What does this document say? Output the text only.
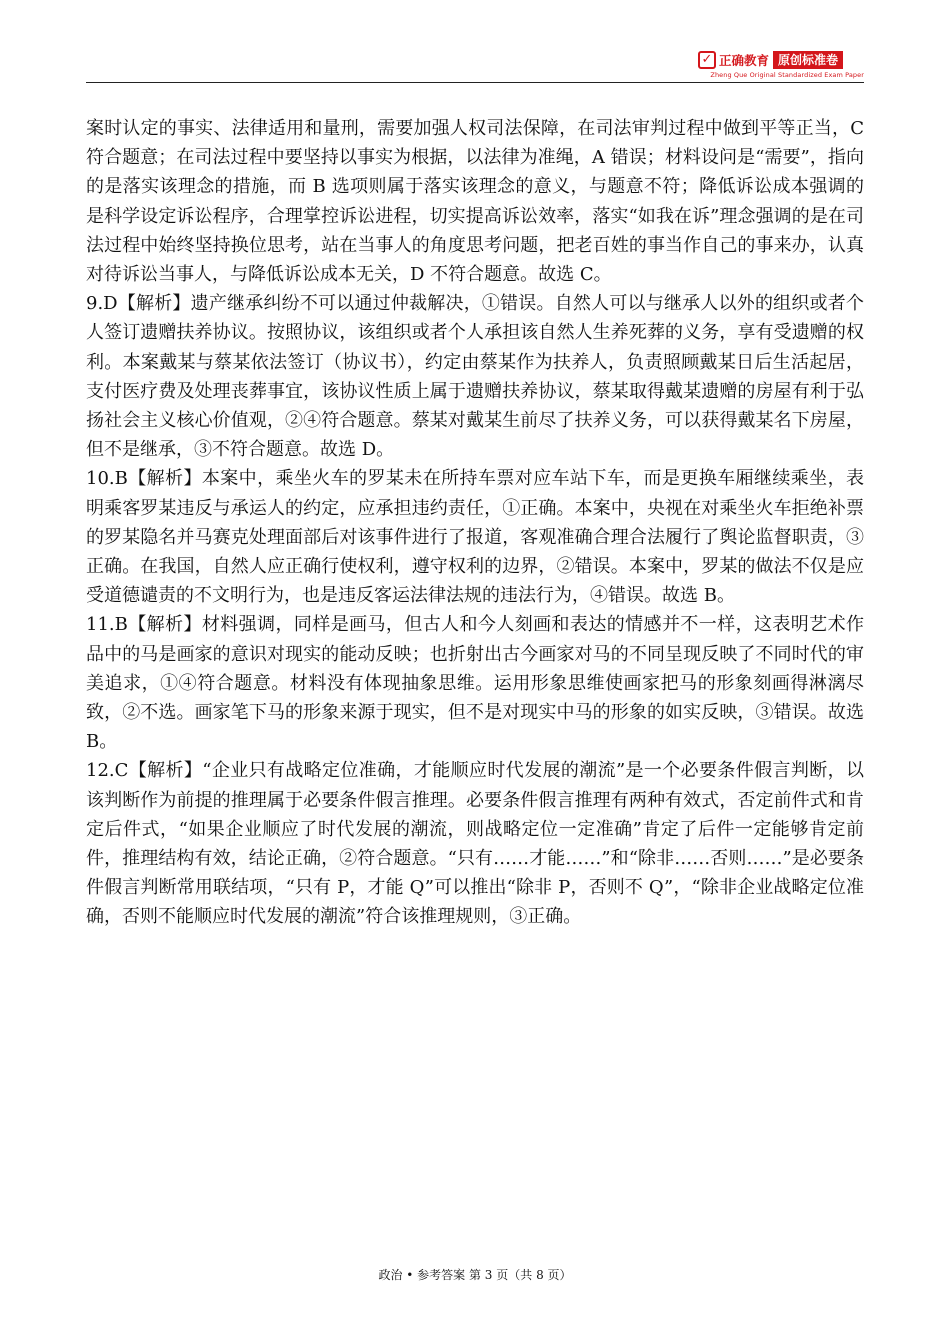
✓ 正确教育 原创标准卷
Zheng Que Original Standardized Exam Paper

案时认定的事实、法律适用和量刑，需要加强人权司法保障，在司法审判过程中做到平等正当，C 符合题意；在司法过程中要坚持以事实为根据，以法律为准绳，A 错误；材料设问是“需要”，指向的是落实该理念的措施，而 B 选项则属于落实该理念的意义，与题意不符；降低诉讼成本强调的是科学设定诉讼程序，合理掌控诉讼进程，切实提高诉讼效率，落实“如我在诉”理念强调的是在司法过程中始终坚持换位思考，站在当事人的角度思考问题，把老百姓的事当作自己的事来办，认真对待诉讼当事人，与降低诉讼成本无关，D 不符合题意。故选 C。

9.D【解析】遗产继承纠纷不可以通过仲裁解决，①错误。自然人可以与继承人以外的组织或者个人签订遗赠扶养协议。按照协议，该组织或者个人承担该自然人生养死葬的义务，享有受遗赠的权利。本案戴某与蔡某依法签订（协议书），约定由蔡某作为扶养人，负责照顾戴某日后生活起居，支付医疗费及处理丧葬事宜，该协议性质上属于遗赠扶养协议，蔡某取得戴某遗赠的房屋有利于弘扬社会主义核心价值观，②④符合题意。蔡某对戴某生前尽了扶养义务，可以获得戴某名下房屋，但不是继承，③不符合题意。故选 D。

10.B【解析】本案中，乘坐火车的罗某未在所持车票对应车站下车，而是更换车厢继续乘坐，表明乘客罗某违反与承运人的约定，应承担违约责任，①正确。本案中，央视在对乘坐火车拒绝补票的罗某隐名并马赛克处理面部后对该事件进行了报道，客观准确合理合法履行了舆论监督职责，③正确。在我国，自然人应正确行使权利，遵守权利的边界，②错误。本案中，罗某的做法不仅是应受道德谴责的不文明行为，也是违反客运法律法规的违法行为，④错误。故选 B。

11.B【解析】材料强调，同样是画马，但古人和今人刻画和表达的情感并不一样，这表明艺术作品中的马是画家的意识对现实的能动反映；也折射出古今画家对马的不同呈现反映了不同时代的审美追求，①④符合题意。材料没有体现抽象思维。运用形象思维使画家把马的形象刻画得淋漓尽致，②不选。画家笔下马的形象来源于现实，但不是对现实中马的形象的如实反映，③错误。故选 B。

12.C【解析】“企业只有战略定位准确，才能顺应时代发展的潮流”是一个必要条件假言判断，以该判断作为前提的推理属于必要条件假言推理。必要条件假言推理有两种有效式，否定前件式和肯定后件式，“如果企业顺应了时代发展的潮流，则战略定位一定准确”肯定了后件一定能够肯定前件，推理结构有效，结论正确，②符合题意。“只有……才能……”和“除非……否则……”是必要条件假言判断常用联结项，“只有 P，才能 Q”可以推出“除非 P，否则不 Q”，“除非企业战略定位准确，否则不能顺应时代发展的潮流”符合该推理规则，③正确。

政治 • 参考答案 第 3 页（共 8 页）
